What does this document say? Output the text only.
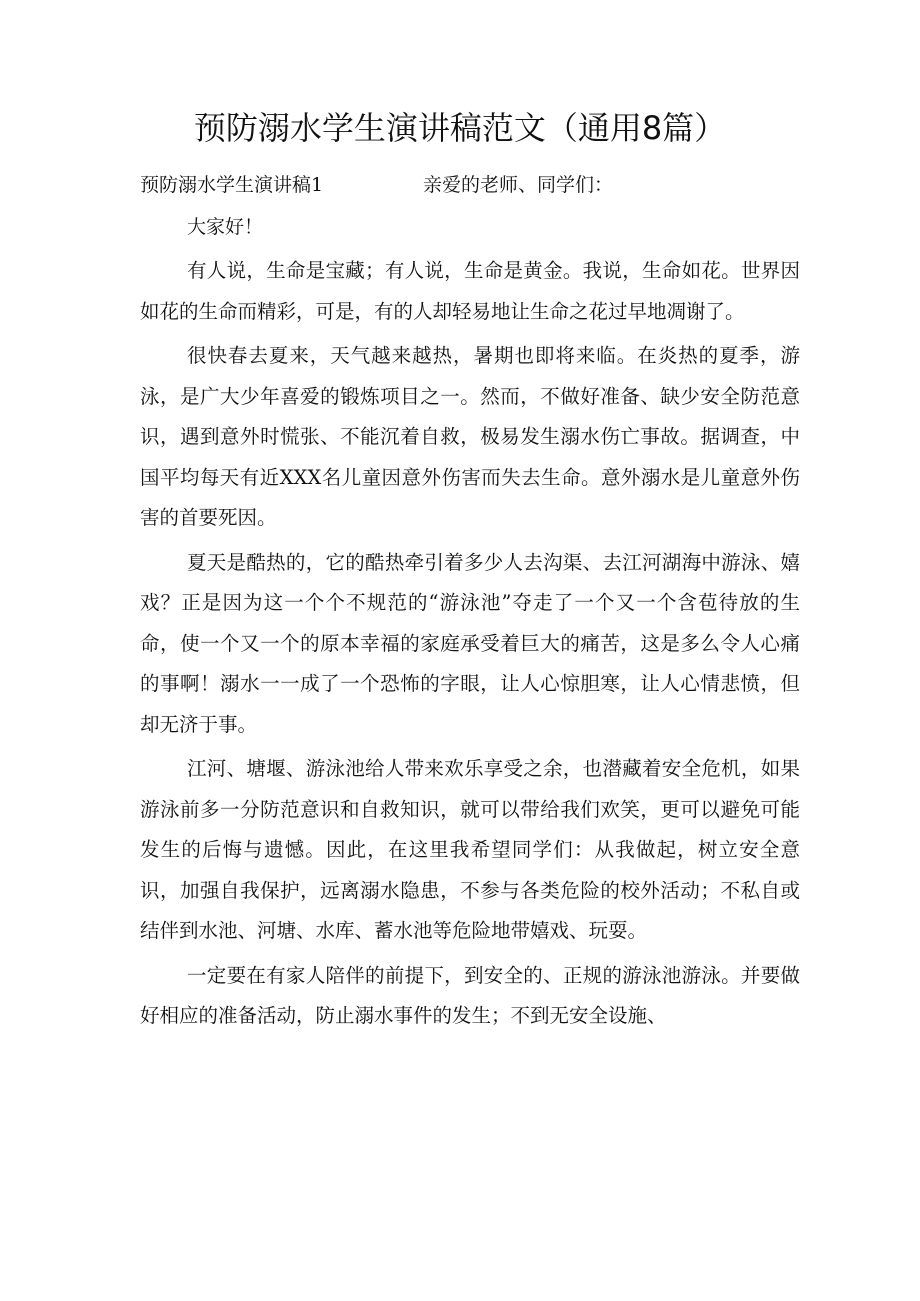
预防溺水学生演讲稿范文（通用8篇）
预防溺水学生演讲稿1	亲爱的老师、同学们：
大家好！

有人说，生命是宝藏；有人说，生命是黄金。我说，生命如花。世界因如花的生命而精彩，可是，有的人却轻易地让生命之花过早地凋谢了。

很快春去夏来，天气越来越热，暑期也即将来临。在炎热的夏季，游泳，是广大少年喜爱的锻炼项目之一。然而，不做好准备、缺少安全防范意识，遇到意外时慌张、不能沉着自救，极易发生溺水伤亡事故。据调查，中国平均每天有近XXX名儿童因意外伤害而失去生命。意外溺水是儿童意外伤害的首要死因。

夏天是酷热的，它的酷热牵引着多少人去沟渠、去江河湖海中游泳、嬉戏？正是因为这一个个不规范的“游泳池”夺走了一个又一个含苞待放的生命，使一个又一个的原本幸福的家庭承受着巨大的痛苦，这是多么令人心痛的事啊！溺水一一成了一个恐怖的字眼，让人心惊胆寒，让人心情悲愤，但却无济于事。

江河、塘堰、游泳池给人带来欢乐享受之余，也潜藏着安全危机，如果游泳前多一分防范意识和自救知识，就可以带给我们欢笑，更可以避免可能发生的后悔与遗憾。因此，在这里我希望同学们：从我做起，树立安全意识，加强自我保护，远离溺水隐患，不参与各类危险的校外活动；不私自或结伴到水池、河塘、水库、蓄水池等危险地带嬉戏、玩耍。

一定要在有家人陪伴的前提下，到安全的、正规的游泳池游泳。并要做好相应的准备活动，防止溺水事件的发生；不到无安全设施、
